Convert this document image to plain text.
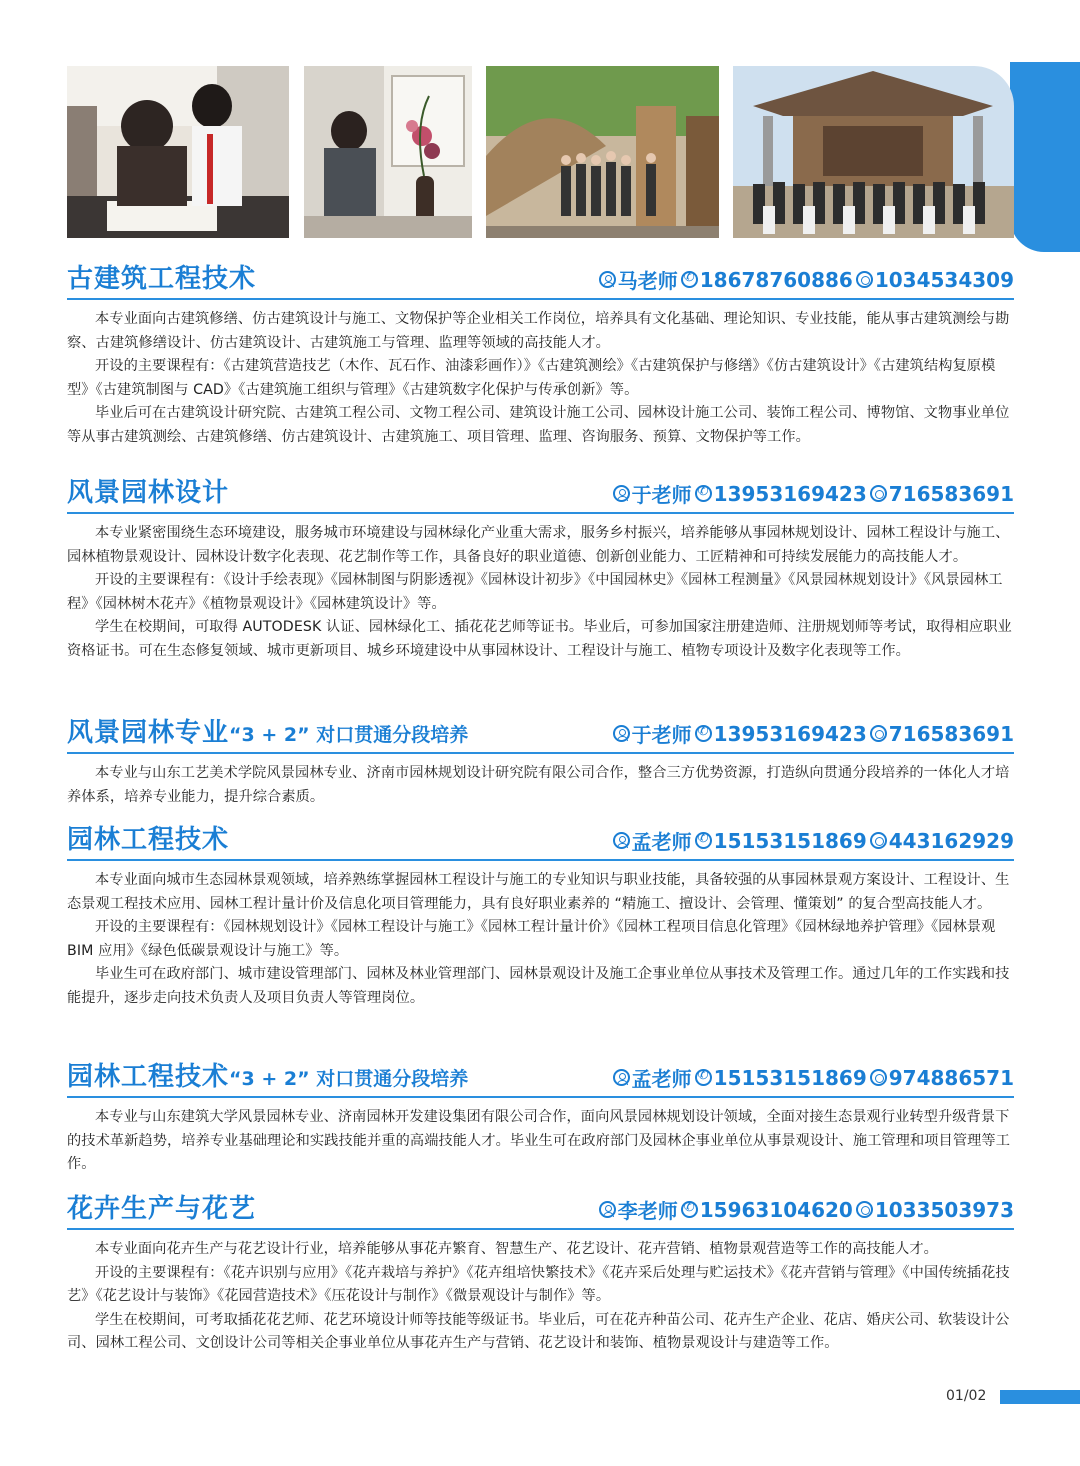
古建筑工程技术	马老师 ✆ 18678760886 1034534309

本专业面向古建筑修缮、仿古建筑设计与施工、文物保护等企业相关工作岗位，培养具有文化基础、理论知识、专业技能，能从事古建筑测绘与勘察、古建筑修缮设计、仿古建筑设计、古建筑施工与管理、监理等领域的高技能人才。

开设的主要课程有：《古建筑营造技艺（木作、瓦石作、油漆彩画作）》《古建筑测绘》《古建筑保护与修缮》《仿古建筑设计》《古建筑结构复原模型》《古建筑制图与 CAD》《古建筑施工组织与管理》《古建筑数字化保护与传承创新》等。

毕业后可在古建筑设计研究院、古建筑工程公司、文物工程公司、建筑设计施工公司、园林设计施工公司、装饰工程公司、博物馆、文物事业单位等从事古建筑测绘、古建筑修缮、仿古建筑设计、古建筑施工、项目管理、监理、咨询服务、预算、文物保护等工作。

风景园林设计	于老师 ✆ 13953169423 716583691

本专业紧密围绕生态环境建设，服务城市环境建设与园林绿化产业重大需求，服务乡村振兴，培养能够从事园林规划设计、园林工程设计与施工、园林植物景观设计、园林设计数字化表现、花艺制作等工作，具备良好的职业道德、创新创业能力、工匠精神和可持续发展能力的高技能人才。

开设的主要课程有：《设计手绘表现》《园林制图与阴影透视》《园林设计初步》《中国园林史》《园林工程测量》《风景园林规划设计》《风景园林工程》《园林树木花卉》《植物景观设计》《园林建筑设计》等。

学生在校期间，可取得 AUTODESK 认证、园林绿化工、插花花艺师等证书。毕业后，可参加国家注册建造师、注册规划师等考试，取得相应职业资格证书。可在生态修复领域、城市更新项目、城乡环境建设中从事园林设计、工程设计与施工、植物专项设计及数字化表现等工作。

风景园林专业“3 + 2” 对口贯通分段培养	于老师 ✆ 13953169423 716583691

本专业与山东工艺美术学院风景园林专业、济南市园林规划设计研究院有限公司合作，整合三方优势资源，打造纵向贯通分段培养的一体化人才培养体系，培养专业能力，提升综合素质。

园林工程技术	孟老师 ✆ 15153151869 443162929

本专业面向城市生态园林景观领域，培养熟练掌握园林工程设计与施工的专业知识与职业技能，具备较强的从事园林景观方案设计、工程设计、生态景观工程技术应用、园林工程计量计价及信息化项目管理能力，具有良好职业素养的 “精施工、擅设计、会管理、懂策划” 的复合型高技能人才。

开设的主要课程有：《园林规划设计》《园林工程设计与施工》《园林工程计量计价》《园林工程项目信息化管理》《园林绿地养护管理》《园林景观 BIM 应用》《绿色低碳景观设计与施工》等。

毕业生可在政府部门、城市建设管理部门、园林及林业管理部门、园林景观设计及施工企事业单位从事技术及管理工作。通过几年的工作实践和技能提升，逐步走向技术负责人及项目负责人等管理岗位。

园林工程技术“3 + 2” 对口贯通分段培养	孟老师 ✆ 15153151869 974886571

本专业与山东建筑大学风景园林专业、济南园林开发建设集团有限公司合作，面向风景园林规划设计领域，全面对接生态景观行业转型升级背景下的技术革新趋势，培养专业基础理论和实践技能并重的高端技能人才。毕业生可在政府部门及园林企事业单位从事景观设计、施工管理和项目管理等工作。

花卉生产与花艺	李老师 ✆ 15963104620 1033503973

本专业面向花卉生产与花艺设计行业，培养能够从事花卉繁育、智慧生产、花艺设计、花卉营销、植物景观营造等工作的高技能人才。

开设的主要课程有：《花卉识别与应用》《花卉栽培与养护》《花卉组培快繁技术》《花卉采后处理与贮运技术》《花卉营销与管理》《中国传统插花技艺》《花艺设计与装饰》《花园营造技术》《压花设计与制作》《微景观设计与制作》等。

学生在校期间，可考取插花花艺师、花艺环境设计师等技能等级证书。毕业后，可在花卉种苗公司、花卉生产企业、花店、婚庆公司、软装设计公司、园林工程公司、文创设计公司等相关企事业单位从事花卉生产与营销、花艺设计和装饰、植物景观设计与建造等工作。

01/02
